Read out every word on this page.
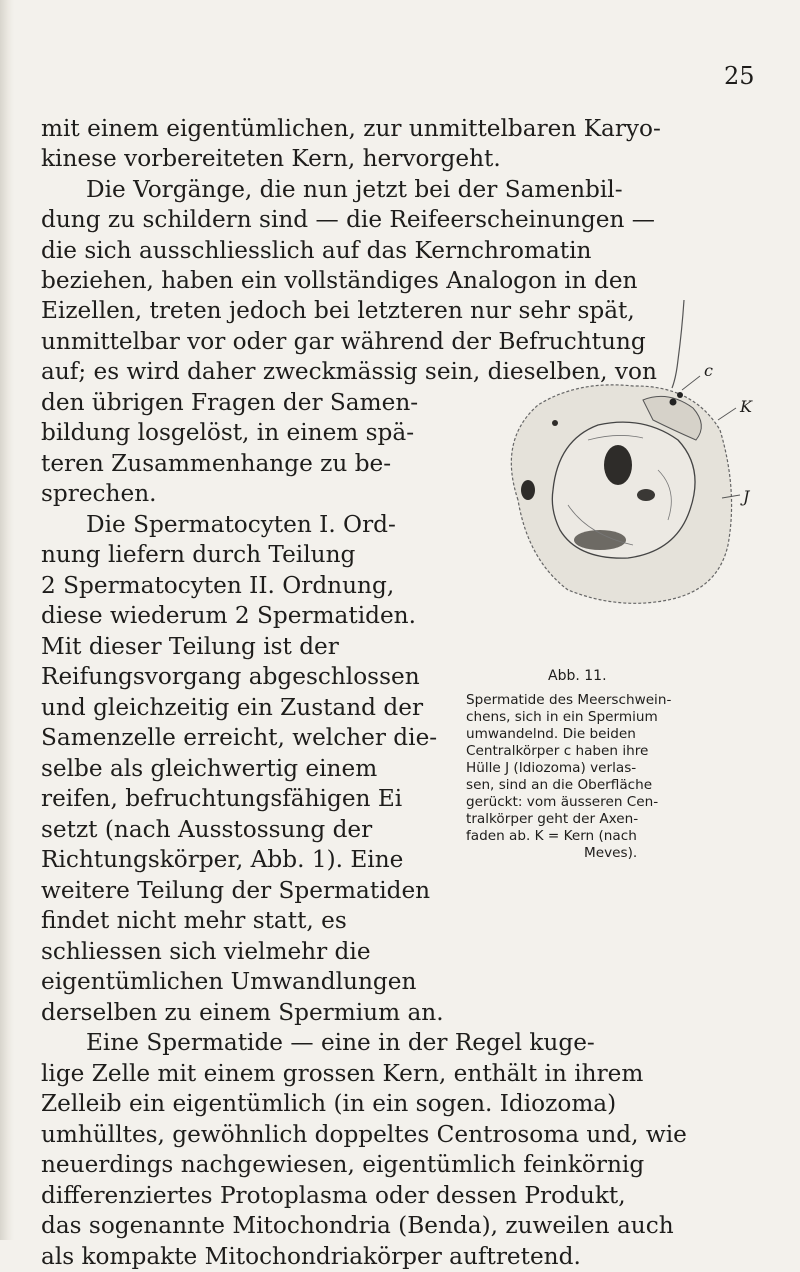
25
mit einem eigentümlichen, zur unmittelbaren Karyo-
kinese vorbereiteten Kern, hervorgeht.
Die Vorgänge, die nun jetzt bei der Samenbil-
dung zu schildern sind — die Reifeerscheinungen —
die sich ausschliesslich auf das Kernchromatin
beziehen, haben ein vollständiges Analogon in den
Eizellen, treten jedoch bei letzteren nur sehr spät,
unmittelbar vor oder gar während der Befruchtung
auf; es wird daher zweckmässig sein, dieselben, von
den übrigen Fragen der Samen-
bildung losgelöst, in einem spä-
teren Zusammenhange zu be-
sprechen.
Die Spermatocyten I. Ord-
nung liefern durch Teilung
2 Spermatocyten II. Ordnung,
diese wiederum 2 Spermatiden.
Mit dieser Teilung ist der
Reifungsvorgang abgeschlossen
und gleichzeitig ein Zustand der
Samenzelle erreicht, welcher die-
selbe als gleichwertig einem
reifen, befruchtungsfähigen Ei
setzt (nach Ausstossung der
Richtungskörper, Abb. 1). Eine
weitere Teilung der Spermatiden
findet nicht mehr statt, es
schliessen sich vielmehr die
eigentümlichen Umwandlungen
derselben zu einem Spermium an.
Eine Spermatide — eine in der Regel kuge-
lige Zelle mit einem grossen Kern, enthält in ihrem
Zelleib ein eigentümlich (in ein sogen. Idiozoma)
umhülltes, gewöhnlich doppeltes Centrosoma und, wie
neuerdings nachgewiesen, eigentümlich feinkörnig
differenziertes Protoplasma oder dessen Produkt,
das sogenannte Mitochondria (Benda), zuweilen auch
als kompakte Mitochondriakörper auftretend.
c
K
J
Abb. 11.
Spermatide des Meerschwein-
chens, sich in ein Spermium
umwandelnd. Die beiden
Centralkörper c haben ihre
Hülle J (Idiozoma) verlas-
sen, sind an die Oberfläche
gerückt: vom äusseren Cen-
tralkörper geht der Axen-
faden ab. K = Kern (nach
Meves).
